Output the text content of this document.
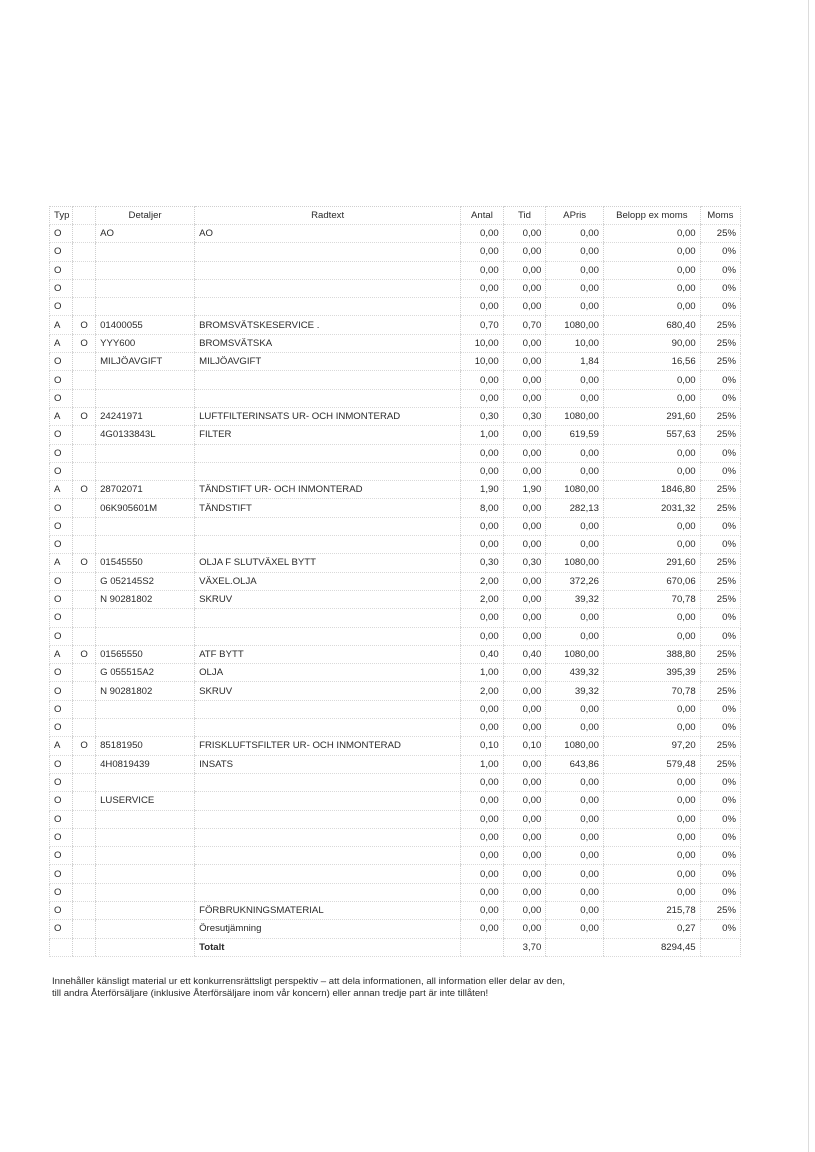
Typ		Detaljer	Radtext	Antal	Tid	APris	Belopp ex moms	Moms
O		AO	AO	0,00	0,00	0,00	0,00	25%
O				0,00	0,00	0,00	0,00	0%
O				0,00	0,00	0,00	0,00	0%
O				0,00	0,00	0,00	0,00	0%
O				0,00	0,00	0,00	0,00	0%
A	O	01400055	BROMSVÄTSKESERVICE .	0,70	0,70	1080,00	680,40	25%
A	O	YYY600	BROMSVÄTSKA	10,00	0,00	10,00	90,00	25%
O		MILJÖAVGIFT	MILJÖAVGIFT	10,00	0,00	1,84	16,56	25%
O				0,00	0,00	0,00	0,00	0%
O				0,00	0,00	0,00	0,00	0%
A	O	24241971	LUFTFILTERINSATS UR- OCH INMONTERAD	0,30	0,30	1080,00	291,60	25%
O		4G0133843L	FILTER	1,00	0,00	619,59	557,63	25%
O				0,00	0,00	0,00	0,00	0%
O				0,00	0,00	0,00	0,00	0%
A	O	28702071	TÄNDSTIFT UR- OCH INMONTERAD	1,90	1,90	1080,00	1846,80	25%
O		06K905601M	TÄNDSTIFT	8,00	0,00	282,13	2031,32	25%
O				0,00	0,00	0,00	0,00	0%
O				0,00	0,00	0,00	0,00	0%
A	O	01545550	OLJA F SLUTVÄXEL BYTT	0,30	0,30	1080,00	291,60	25%
O		G 052145S2	VÄXEL.OLJA	2,00	0,00	372,26	670,06	25%
O		N 90281802	SKRUV	2,00	0,00	39,32	70,78	25%
O				0,00	0,00	0,00	0,00	0%
O				0,00	0,00	0,00	0,00	0%
A	O	01565550	ATF BYTT	0,40	0,40	1080,00	388,80	25%
O		G 055515A2	OLJA	1,00	0,00	439,32	395,39	25%
O		N 90281802	SKRUV	2,00	0,00	39,32	70,78	25%
O				0,00	0,00	0,00	0,00	0%
O				0,00	0,00	0,00	0,00	0%
A	O	85181950	FRISKLUFTSFILTER UR- OCH INMONTERAD	0,10	0,10	1080,00	97,20	25%
O		4H0819439	INSATS	1,00	0,00	643,86	579,48	25%
O				0,00	0,00	0,00	0,00	0%
O		LUSERVICE		0,00	0,00	0,00	0,00	0%
O				0,00	0,00	0,00	0,00	0%
O				0,00	0,00	0,00	0,00	0%
O				0,00	0,00	0,00	0,00	0%
O				0,00	0,00	0,00	0,00	0%
O				0,00	0,00	0,00	0,00	0%
O			FÖRBRUKNINGSMATERIAL	0,00	0,00	0,00	215,78	25%
O			Öresutjämning	0,00	0,00	0,00	0,27	0%
			Totalt		3,70		8294,45	

Innehåller känsligt material ur ett konkurrensrättsligt perspektiv – att dela informationen, all information eller delar av den,

till andra Återförsäljare (inklusive Återförsäljare inom vår koncern) eller annan tredje part är inte tillåten!
